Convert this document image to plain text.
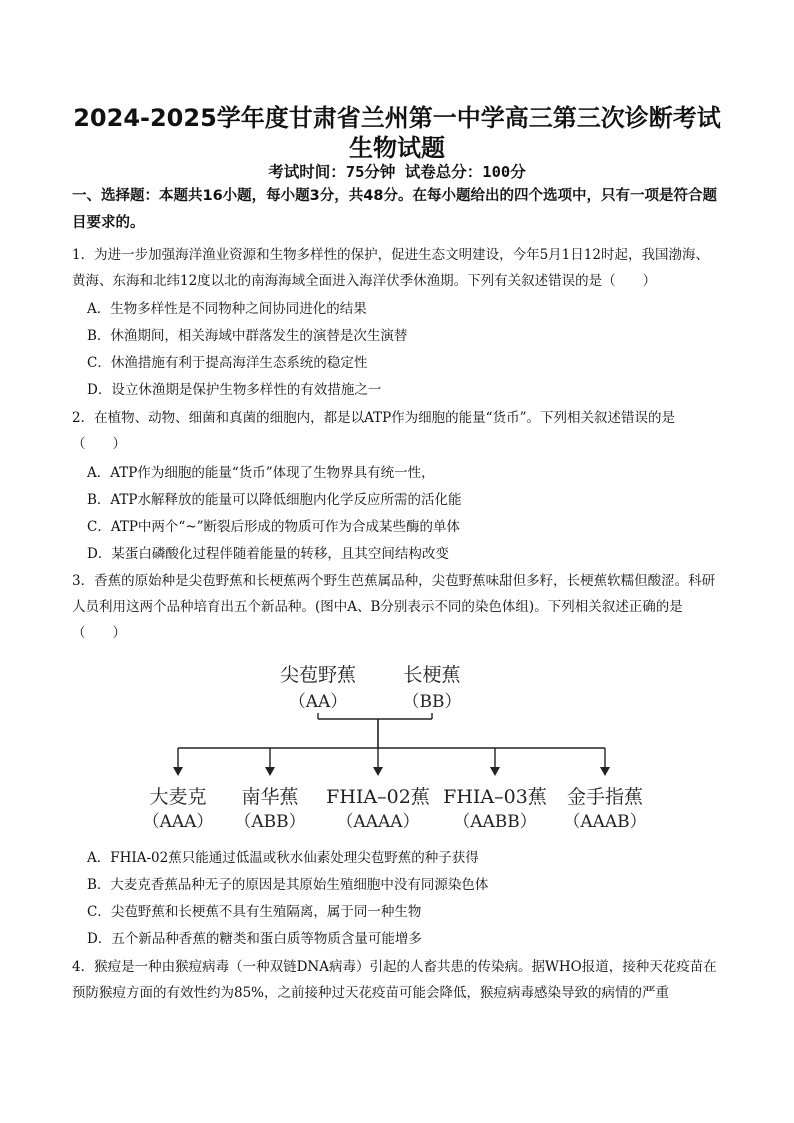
2024-2025学年度甘肃省兰州第一中学高三第三次诊断考试
生物试题
考试时间：75分钟 试卷总分：100分
一、选择题：本题共16小题，每小题3分，共48分。在每小题给出的四个选项中，只有一项是符合题目要求的。
1．为进一步加强海洋渔业资源和生物多样性的保护，促进生态文明建设，今年5月1日12时起，我国渤海、黄海、东海和北纬12度以北的南海海域全面进入海洋伏季休渔期。下列有关叙述错误的是（　　）
A．生物多样性是不同物种之间协同进化的结果
B．休渔期间，相关海域中群落发生的演替是次生演替
C．休渔措施有利于提高海洋生态系统的稳定性
D．设立休渔期是保护生物多样性的有效措施之一
2．在植物、动物、细菌和真菌的细胞内，都是以ATP作为细胞的能量“货币”。下列相关叙述错误的是（　　）
A．ATP作为细胞的能量“货币”体现了生物界具有统一性，
B．ATP水解释放的能量可以降低细胞内化学反应所需的活化能
C．ATP中两个“~”断裂后形成的物质可作为合成某些酶的单体
D．某蛋白磷酸化过程伴随着能量的转移，且其空间结构改变
3．香蕉的原始种是尖苞野蕉和长梗蕉两个野生芭蕉属品种，尖苞野蕉味甜但多籽，长梗蕉软糯但酸涩。科研人员利用这两个品种培育出五个新品种。(图中A、B分别表示不同的染色体组)。下列相关叙述正确的是（　　）
尖苞野蕉
（AA）
长梗蕉
（BB）
大麦克
（AAA）
南华蕉
（ABB）
FHIA–02蕉
（AAAA）
FHIA–03蕉
（AABB）
金手指蕉
（AAAB）
A．FHIA-02蕉只能通过低温或秋水仙素处理尖苞野蕉的种子获得
B．大麦克香蕉品种无子的原因是其原始生殖细胞中没有同源染色体
C．尖苞野蕉和长梗蕉不具有生殖隔离，属于同一种生物
D．五个新品种香蕉的糖类和蛋白质等物质含量可能增多
4．猴痘是一种由猴痘病毒（一种双链DNA病毒）引起的人畜共患的传染病。据WHO报道，接种天花疫苗在预防猴痘方面的有效性约为85%，之前接种过天花疫苗可能会降低，猴痘病毒感染导致的病情的严重
